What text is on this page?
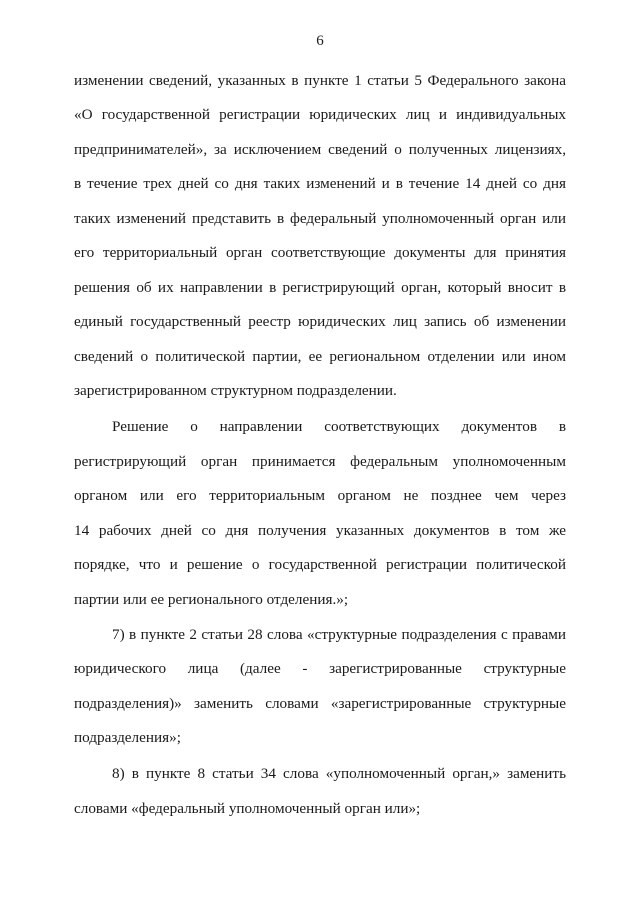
6
изменении сведений, указанных в пункте 1 статьи 5 Федерального закона
«О государственной регистрации юридических лиц и индивидуальных
предпринимателей», за исключением сведений о полученных лицензиях,
в течение трех дней со дня таких изменений и в течение 14 дней со дня
таких изменений представить в федеральный уполномоченный орган или
его территориальный орган соответствующие документы для принятия
решения об их направлении в регистрирующий орган, который вносит в
единый государственный реестр юридических лиц запись об изменении
сведений о политической партии, ее региональном отделении или ином
зарегистрированном структурном подразделении.
Решение о направлении соответствующих документов в
регистрирующий орган принимается федеральным уполномоченным
органом или его территориальным органом не позднее чем через
14 рабочих дней со дня получения указанных документов в том же
порядке, что и решение о государственной регистрации политической
партии или ее регионального отделения.»;
7) в пункте 2 статьи 28 слова «структурные подразделения с правами
юридического лица (далее - зарегистрированные структурные
подразделения)» заменить словами «зарегистрированные структурные
подразделения»;
8) в пункте 8 статьи 34 слова «уполномоченный орган,» заменить
словами «федеральный уполномоченный орган или»;
